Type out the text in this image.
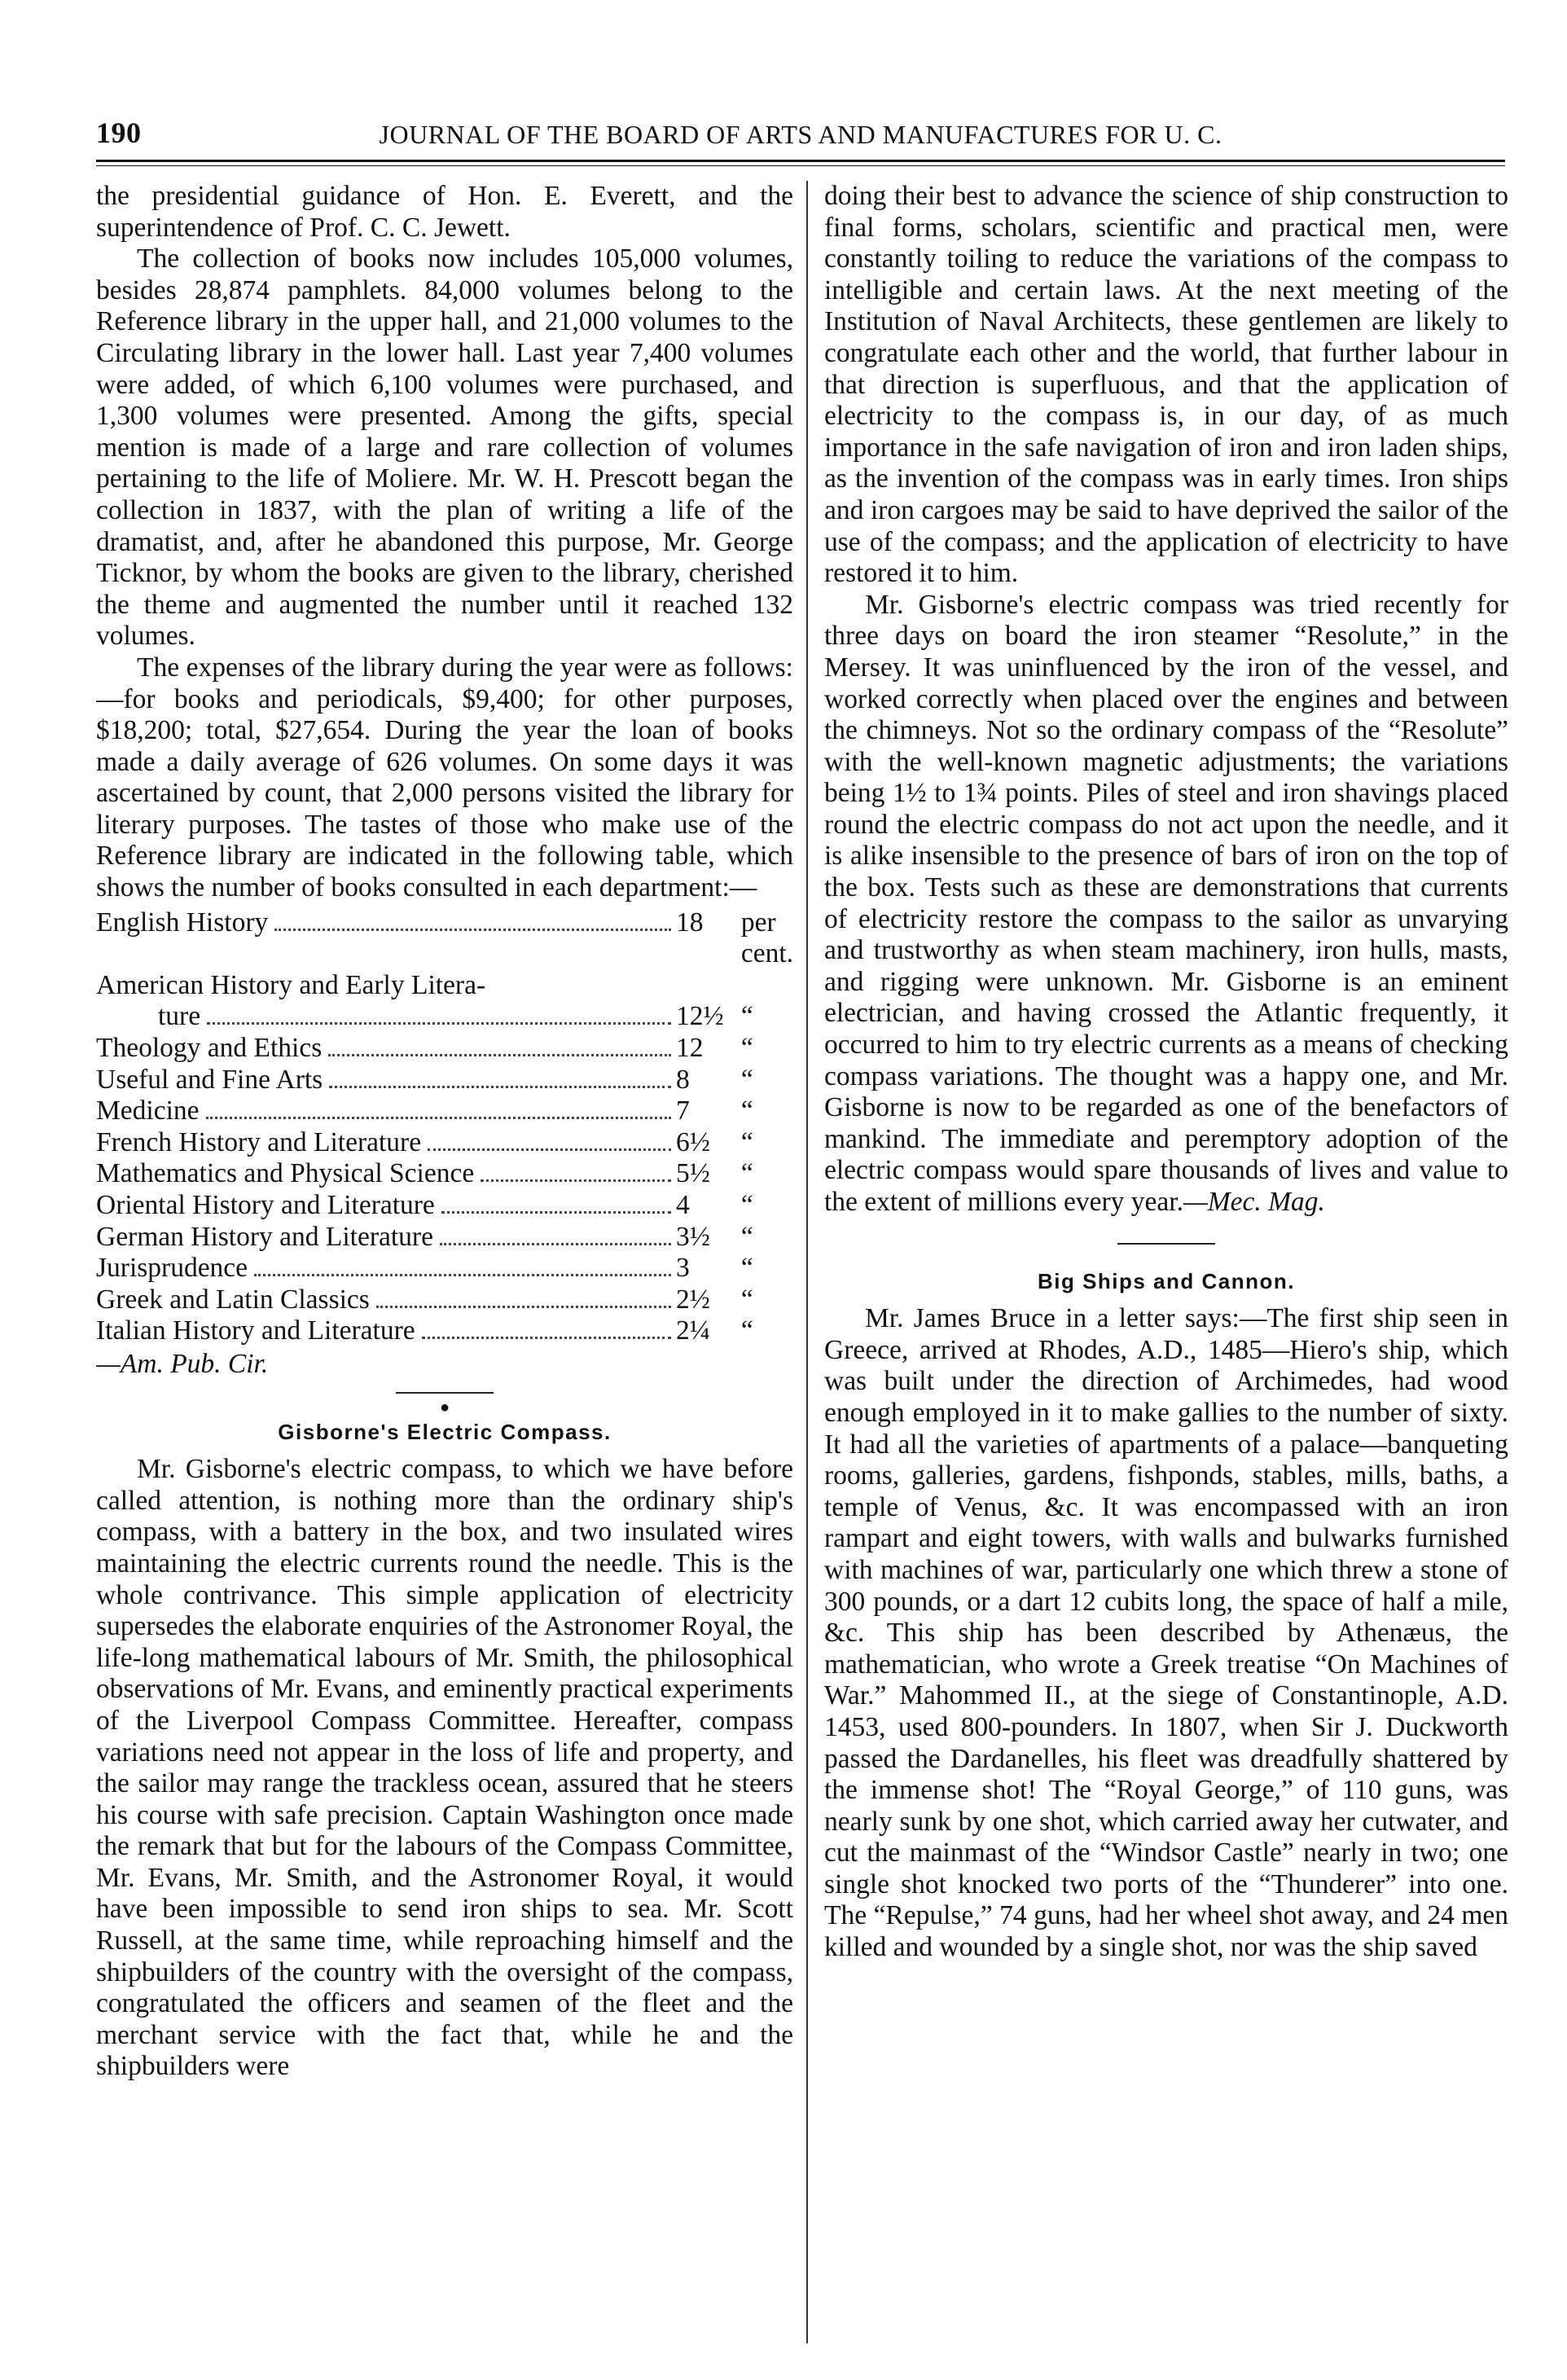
190	JOURNAL OF THE BOARD OF ARTS AND MANUFACTURES FOR U. C.

the presidential guidance of Hon. E. Everett, and the superintendence of Prof. C. C. Jewett.

The collection of books now includes 105,000 volumes, besides 28,874 pamphlets. 84,000 volumes belong to the Reference library in the upper hall, and 21,000 volumes to the Circulating library in the lower hall. Last year 7,400 volumes were added, of which 6,100 volumes were purchased, and 1,300 volumes were presented. Among the gifts, special mention is made of a large and rare collection of volumes pertaining to the life of Moliere. Mr. W. H. Prescott began the collection in 1837, with the plan of writing a life of the dramatist, and, after he abandoned this purpose, Mr. George Ticknor, by whom the books are given to the library, cherished the theme and augmented the number until it reached 132 volumes.

The expenses of the library during the year were as follows:—for books and periodicals, $9,400; for other purposes, $18,200; total, $27,654. During the year the loan of books made a daily average of 626 volumes. On some days it was ascertained by count, that 2,000 persons visited the library for literary purposes. The tastes of those who make use of the Reference library are indicated in the following table, which shows the number of books consulted in each department:—

English History	18	per cent.

American History and Early Litera-		

ture	12½	“

Theology and Ethics	12	“

Useful and Fine Arts	8	“

Medicine	7	“

French History and Literature	6½	“

Mathematics and Physical Science	5½	“

Oriental History and Literature	4	“

German History and Literature	3½	“

Jurisprudence	3	“

Greek and Latin Classics	2½	“

Italian History and Literature	2¼	“
—Am. Pub. Cir.
●
Gisborne's Electric Compass.

Mr. Gisborne's electric compass, to which we have before called attention, is nothing more than the ordinary ship's compass, with a battery in the box, and two insulated wires maintaining the electric currents round the needle. This is the whole contrivance. This simple application of electricity supersedes the elaborate enquiries of the Astronomer Royal, the life-long mathematical labours of Mr. Smith, the philosophical observations of Mr. Evans, and eminently practical experiments of the Liverpool Compass Committee. Hereafter, compass variations need not appear in the loss of life and property, and the sailor may range the trackless ocean, assured that he steers his course with safe precision. Captain Washington once made the remark that but for the labours of the Compass Committee, Mr. Evans, Mr. Smith, and the Astronomer Royal, it would have been impossible to send iron ships to sea. Mr. Scott Russell, at the same time, while reproaching himself and the shipbuilders of the country with the oversight of the compass, congratulated the officers and seamen of the fleet and the merchant service with the fact that, while he and the shipbuilders were

doing their best to advance the science of ship construction to final forms, scholars, scientific and practical men, were constantly toiling to reduce the variations of the compass to intelligible and certain laws. At the next meeting of the Institution of Naval Architects, these gentlemen are likely to congratulate each other and the world, that further labour in that direction is superfluous, and that the application of electricity to the compass is, in our day, of as much importance in the safe navigation of iron and iron laden ships, as the invention of the compass was in early times. Iron ships and iron cargoes may be said to have deprived the sailor of the use of the compass; and the application of electricity to have restored it to him.

Mr. Gisborne's electric compass was tried recently for three days on board the iron steamer “Resolute,” in the Mersey. It was uninfluenced by the iron of the vessel, and worked correctly when placed over the engines and between the chimneys. Not so the ordinary compass of the “Resolute” with the well-known magnetic adjustments; the variations being 1½ to 1¾ points. Piles of steel and iron shavings placed round the electric compass do not act upon the needle, and it is alike insensible to the presence of bars of iron on the top of the box. Tests such as these are demonstrations that currents of electricity restore the compass to the sailor as unvarying and trustworthy as when steam machinery, iron hulls, masts, and rigging were unknown. Mr. Gisborne is an eminent electrician, and having crossed the Atlantic frequently, it occurred to him to try electric currents as a means of checking compass variations. The thought was a happy one, and Mr. Gisborne is now to be regarded as one of the benefactors of mankind. The immediate and peremptory adoption of the electric compass would spare thousands of lives and value to the extent of millions every year.—Mec. Mag.

Big Ships and Cannon.

Mr. James Bruce in a letter says:—The first ship seen in Greece, arrived at Rhodes, A.D., 1485—Hiero's ship, which was built under the direction of Archimedes, had wood enough employed in it to make gallies to the number of sixty. It had all the varieties of apartments of a palace—banqueting rooms, galleries, gardens, fishponds, stables, mills, baths, a temple of Venus, &c. It was encompassed with an iron rampart and eight towers, with walls and bulwarks furnished with machines of war, particularly one which threw a stone of 300 pounds, or a dart 12 cubits long, the space of half a mile, &c. This ship has been described by Athenæus, the mathematician, who wrote a Greek treatise “On Machines of War.” Mahommed II., at the siege of Constantinople, A.D. 1453, used 800-pounders. In 1807, when Sir J. Duckworth passed the Dardanelles, his fleet was dreadfully shattered by the immense shot! The “Royal George,” of 110 guns, was nearly sunk by one shot, which carried away her cutwater, and cut the mainmast of the “Windsor Castle” nearly in two; one single shot knocked two ports of the “Thunderer” into one. The “Repulse,” 74 guns, had her wheel shot away, and 24 men killed and wounded by a single shot, nor was the ship saved
